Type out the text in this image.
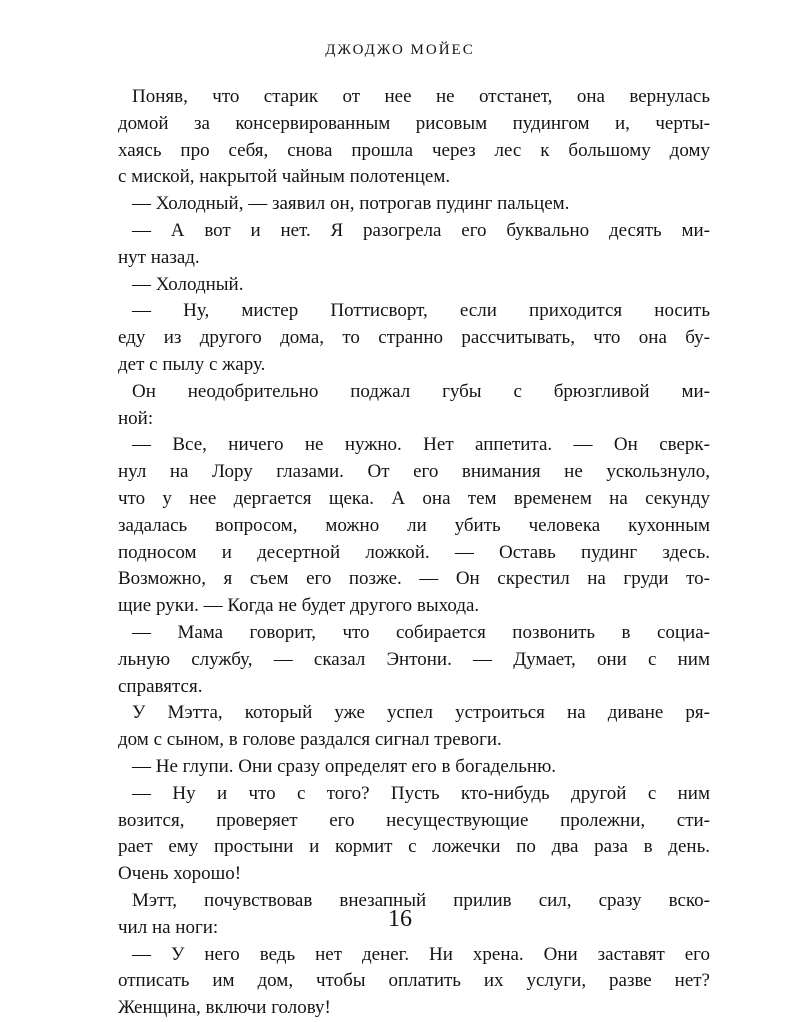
ДЖОДЖО МОЙЕС
Поняв, что старик от нее не отстанет, она вернулась
домой за консервированным рисовым пудингом и, черты-
хаясь про себя, снова прошла через лес к большому дому
с миской, накрытой чайным полотенцем.
— Холодный, — заявил он, потрогав пудинг пальцем.
— А вот и нет. Я разогрела его буквально десять ми-
нут назад.
— Холодный.
— Ну, мистер Поттисворт, если приходится носить
еду из другого дома, то странно рассчитывать, что она бу-
дет с пылу с жару.
Он неодобрительно поджал губы с брюзгливой ми-
ной:
— Все, ничего не нужно. Нет аппетита. — Он сверк-
нул на Лору глазами. От его внимания не ускользнуло,
что у нее дергается щека. А она тем временем на секунду
задалась вопросом, можно ли убить человека кухонным
подносом и десертной ложкой. — Оставь пудинг здесь.
Возможно, я съем его позже. — Он скрестил на груди то-
щие руки. — Когда не будет другого выхода.
— Мама говорит, что собирается позвонить в социа-
льную службу, — сказал Энтони. — Думает, они с ним
справятся.
У Мэтта, который уже успел устроиться на диване ря-
дом с сыном, в голове раздался сигнал тревоги.
— Не глупи. Они сразу определят его в богадельню.
— Ну и что с того? Пусть кто-нибудь другой с ним
возится, проверяет его несуществующие пролежни, сти-
рает ему простыни и кормит с ложечки по два раза в день.
Очень хорошо!
Мэтт, почувствовав внезапный прилив сил, сразу вско-
чил на ноги:
— У него ведь нет денег. Ни хрена. Они заставят его
отписать им дом, чтобы оплатить их услуги, разве нет?
Женщина, включи голову!
16
